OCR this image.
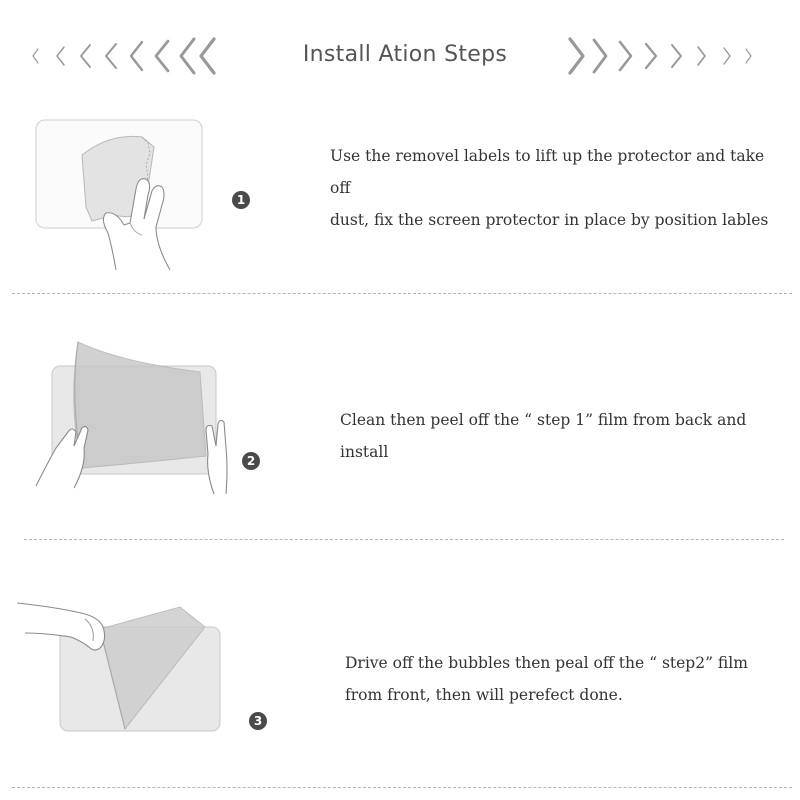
Install Ation Steps
1
Use the removel labels to lift up the protector and take off
dust, fix the screen protector in place by position lables
2
Clean then peel off the “ step 1” film from back and
install
3
Drive off the bubbles then peal off the “ step2” film
from front, then will perefect done.
